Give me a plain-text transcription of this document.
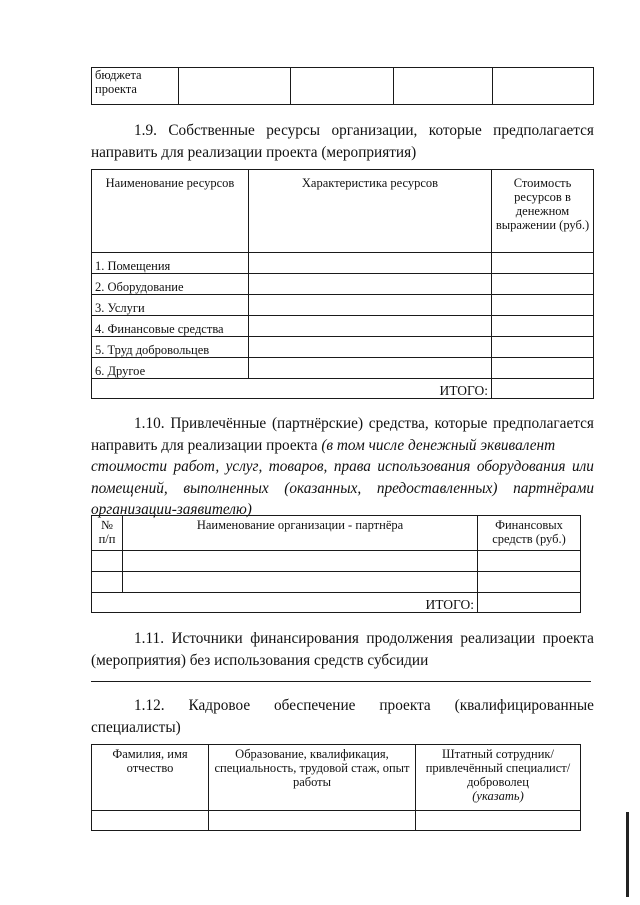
бюджета проекта				
1.9. Собственные ресурсы организации, которые предполагается
направить для реализации проекта (мероприятия)
Наименование ресурсов	Характеристика ресурсов	Стоимость ресурсов в денежном выражении (руб.)
1. Помещения		
2. Оборудование		
3. Услуги		
4. Финансовые средства		
5. Труд добровольцев		
6. Другое		
ИТОГО:		
1.10. Привлечённые (партнёрские) средства, которые предполагается
направить для реализации проекта (в том числе денежный эквивалент
стоимости работ, услуг, товаров, права использования оборудования или
помещений, выполненных (оказанных, предоставленных) партнёрами
организации-заявителю)
№ п/п	Наименование организации - партнёра	Финансовых средств (руб.)

ИТОГО:		
1.11. Источники финансирования продолжения реализации проекта
(мероприятия) без использования средств субсидии
1.12. Кадровое обеспечение проекта (квалифицированные
специалисты)
Фамилия, имя отчество	Образование, квалификация, специальность, трудовой стаж, опыт работы	Штатный сотрудник/ привлечённый специалист/ доброволец
(указать)
